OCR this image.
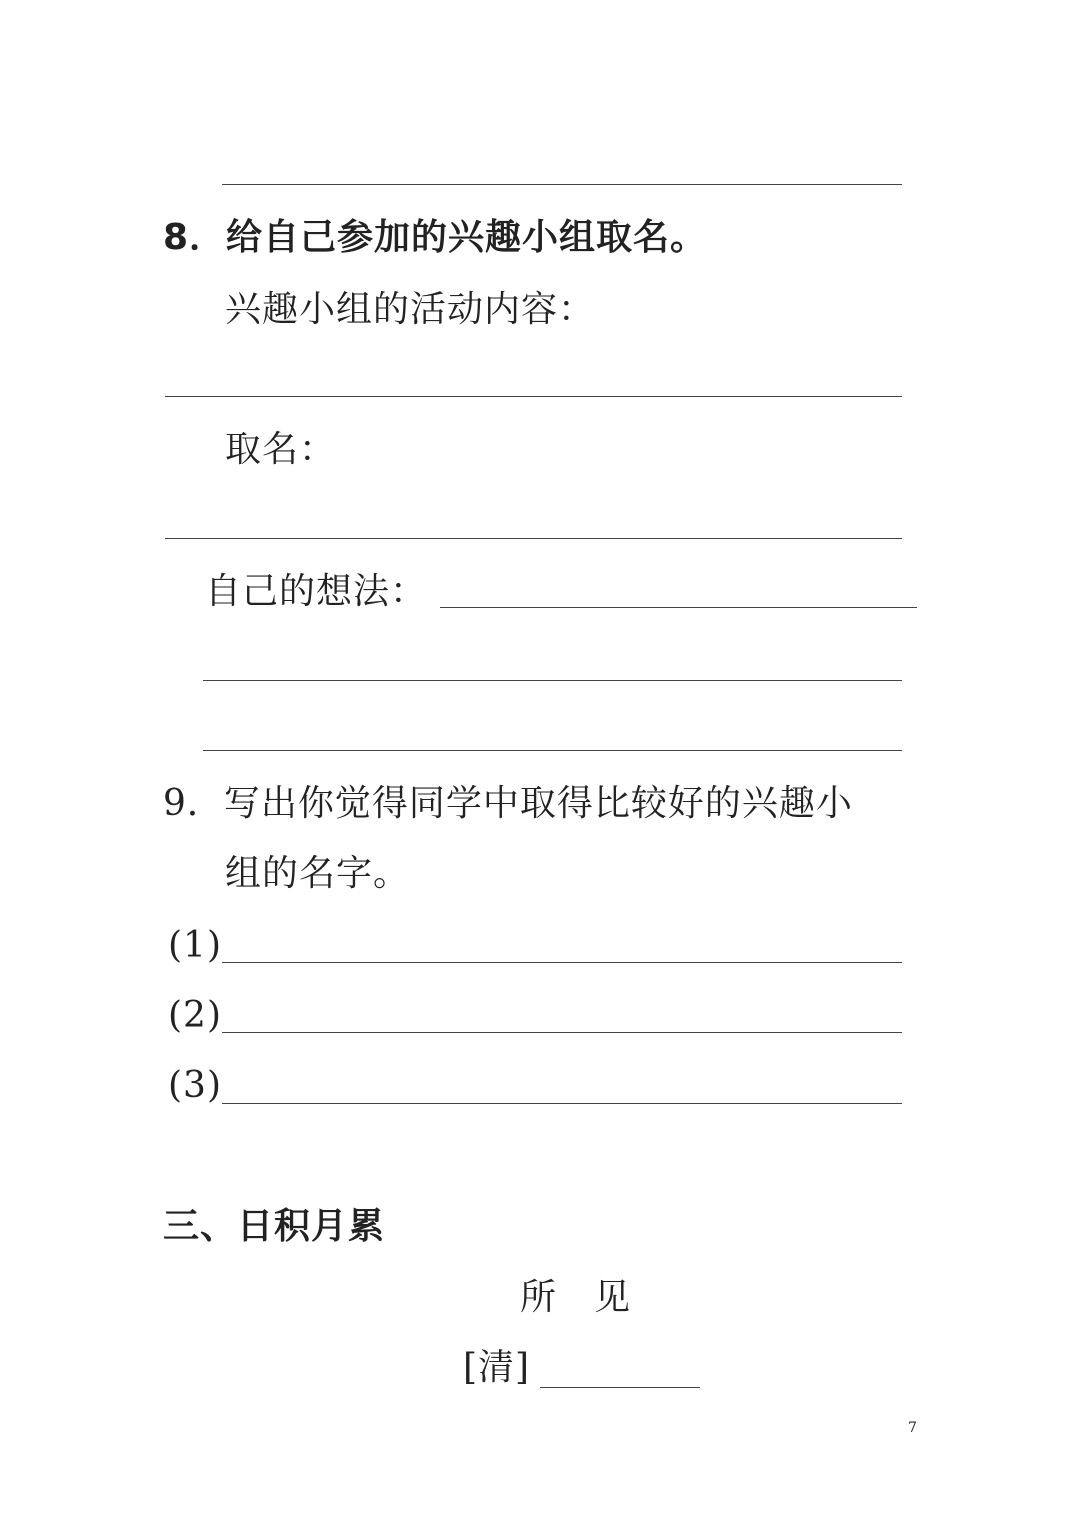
8．给自己参加的兴趣小组取名。
兴趣小组的活动内容：
取名：
自己的想法：
9．写出你觉得同学中取得比较好的兴趣小
组的名字。
(1)
(2)
(3)
三、日积月累
所　见
[清]
7
